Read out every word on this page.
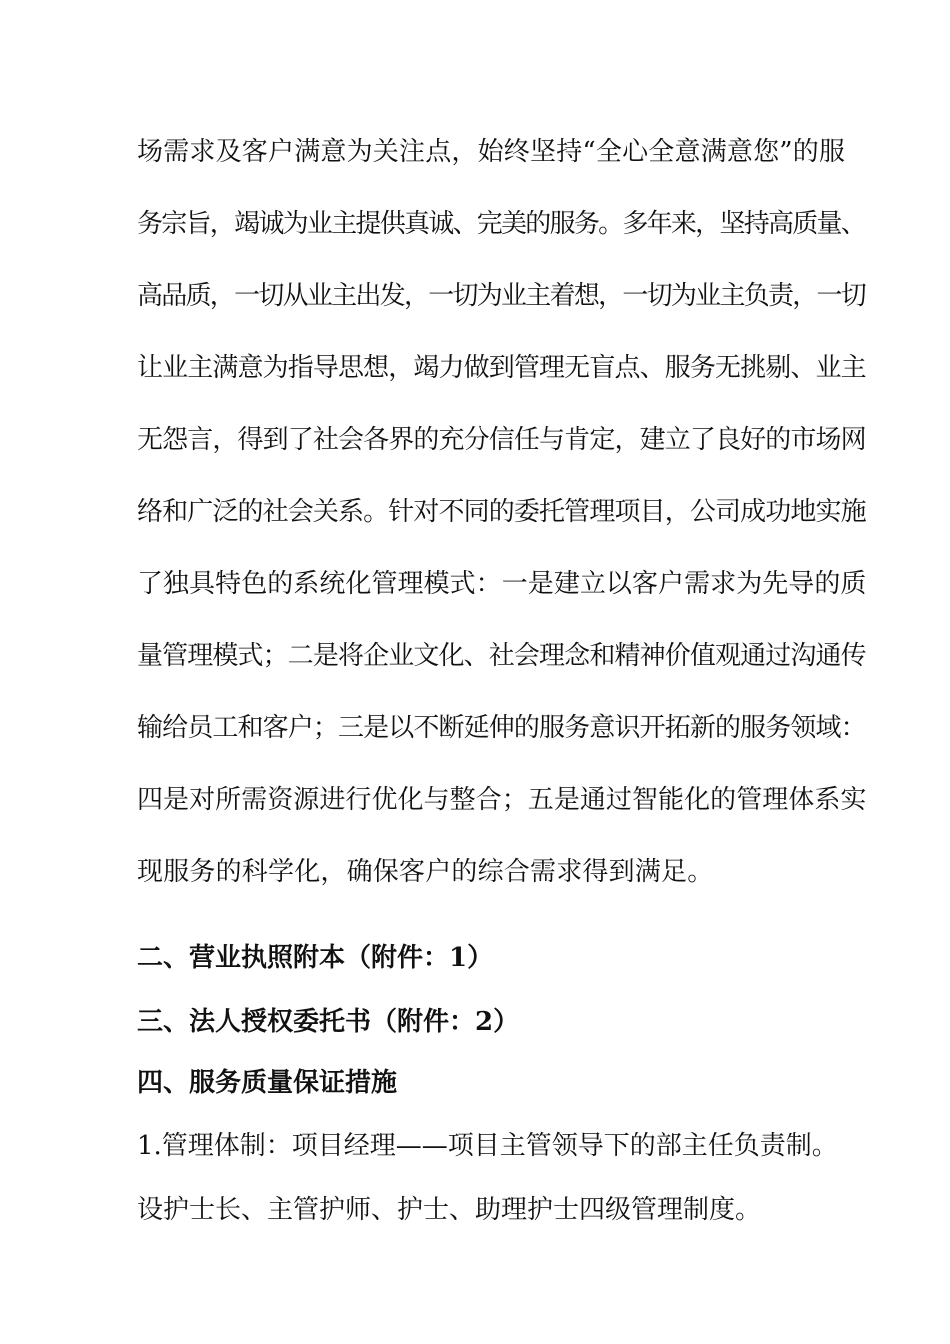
场需求及客户满意为关注点，始终坚持“全心全意满意您”的服
务宗旨，竭诚为业主提供真诚、完美的服务。多年来，坚持高质量、
高品质，一切从业主出发，一切为业主着想，一切为业主负责，一切
让业主满意为指导思想，竭力做到管理无盲点、服务无挑剔、业主
无怨言，得到了社会各界的充分信任与肯定，建立了良好的市场网
络和广泛的社会关系。针对不同的委托管理项目，公司成功地实施
了独具特色的系统化管理模式：一是建立以客户需求为先导的质
量管理模式；二是将企业文化、社会理念和精神价值观通过沟通传
输给员工和客户；三是以不断延伸的服务意识开拓新的服务领域：
四是对所需资源进行优化与整合；五是通过智能化的管理体系实
现服务的科学化，确保客户的综合需求得到满足。
二、营业执照附本（附件：1）
三、法人授权委托书（附件：2）
四、服务质量保证措施
1.管理体制：项目经理——项目主管领导下的部主任负责制。
设护士长、主管护师、护士、助理护士四级管理制度。
